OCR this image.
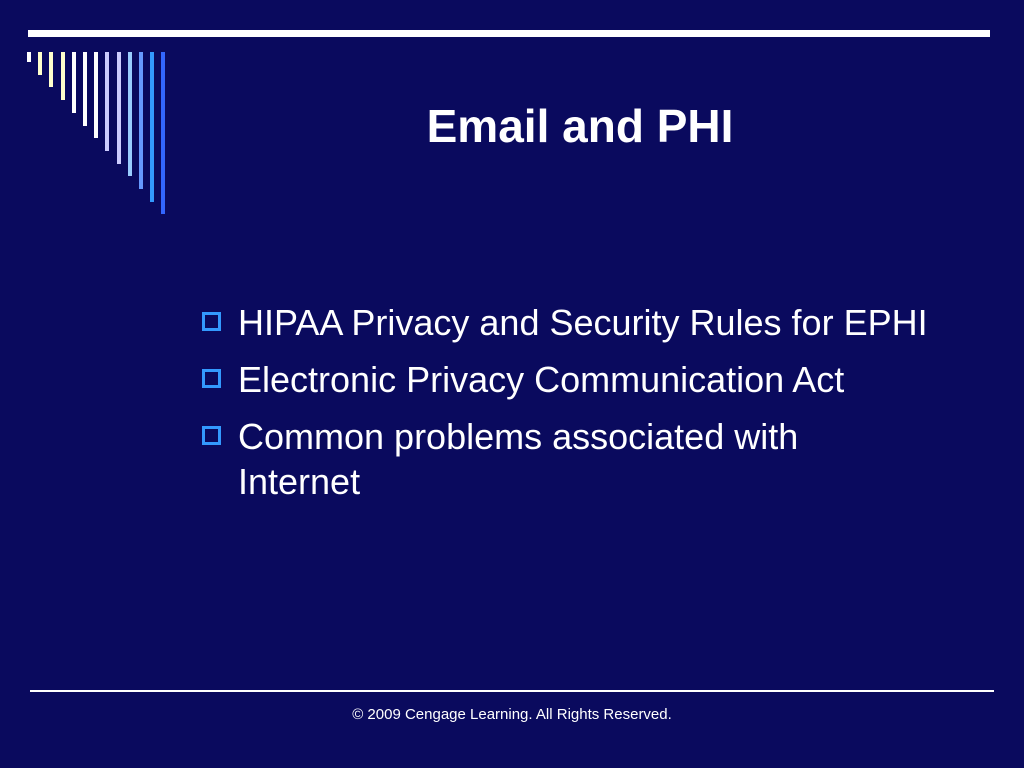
Email and PHI
HIPAA Privacy and Security Rules for EPHI
Electronic Privacy Communication Act
Common problems associated with Internet
© 2009 Cengage Learning. All Rights Reserved.
